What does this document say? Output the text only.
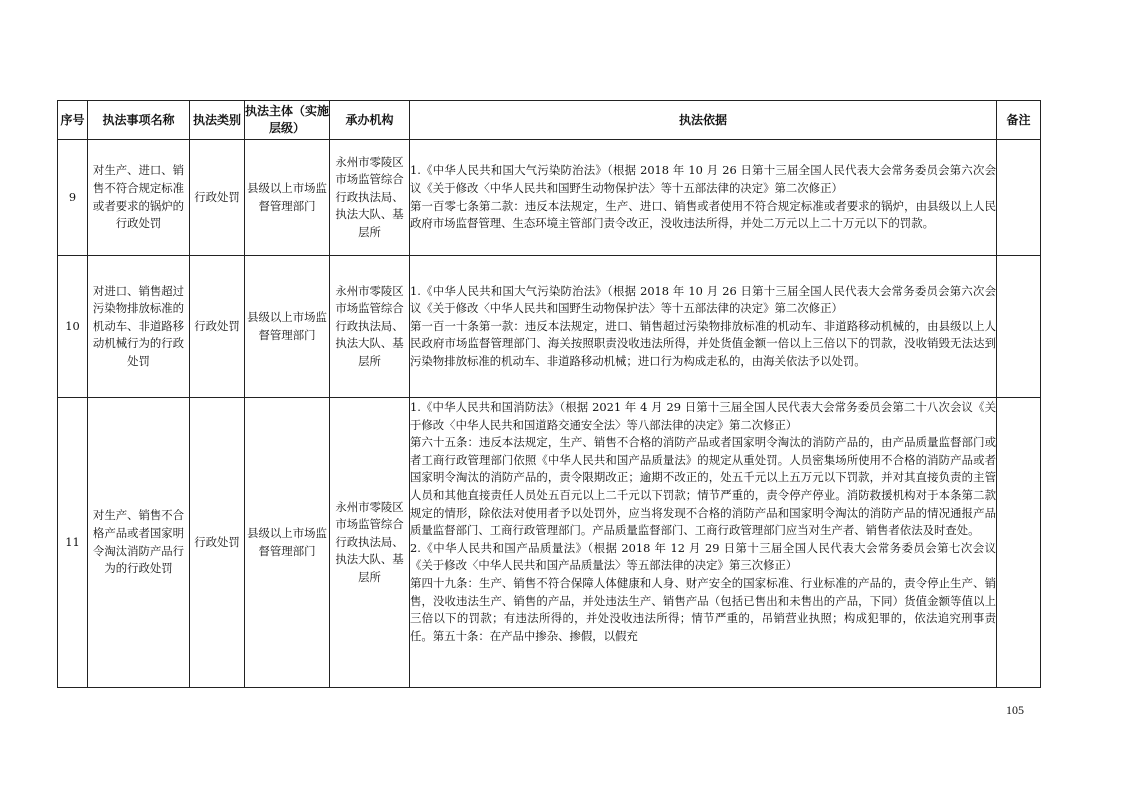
序号	执法事项名称	执法类别	执法主体（实施层级）	承办机构	执法依据	备注
9	对生产、进口、销售不符合规定标准或者要求的锅炉的行政处罚	行政处罚	县级以上市场监督管理部门	永州市零陵区市场监管综合行政执法局、执法大队、基层所	1.《中华人民共和国大气污染防治法》（根据 2018 年 10 月 26 日第十三届全国人民代表大会常务委员会第六次会议《关于修改〈中华人民共和国野生动物保护法〉等十五部法律的决定》第二次修正）

第一百零七条第二款：违反本法规定，生产、进口、销售或者使用不符合规定标准或者要求的锅炉，由县级以上人民政府市场监督管理、生态环境主管部门责令改正，没收违法所得，并处二万元以上二十万元以下的罚款。	

10	对进口、销售超过污染物排放标准的机动车、非道路移动机械行为的行政处罚	行政处罚	县级以上市场监督管理部门	永州市零陵区市场监管综合行政执法局、执法大队、基层所	1.《中华人民共和国大气污染防治法》（根据 2018 年 10 月 26 日第十三届全国人民代表大会常务委员会第六次会议《关于修改〈中华人民共和国野生动物保护法〉等十五部法律的决定》第二次修正）

第一百一十条第一款：违反本法规定，进口、销售超过污染物排放标准的机动车、非道路移动机械的，由县级以上人民政府市场监督管理部门、海关按照职责没收违法所得，并处货值金额一倍以上三倍以下的罚款，没收销毁无法达到污染物排放标准的机动车、非道路移动机械；进口行为构成走私的，由海关依法予以处罚。	

11	对生产、销售不合格产品或者国家明令淘汰消防产品行为的行政处罚	行政处罚	县级以上市场监督管理部门	永州市零陵区市场监管综合行政执法局、执法大队、基层所	1.《中华人民共和国消防法》（根据 2021 年 4 月 29 日第十三届全国人民代表大会常务委员会第二十八次会议《关于修改〈中华人民共和国道路交通安全法〉等八部法律的决定》第二次修正）

第六十五条：违反本法规定，生产、销售不合格的消防产品或者国家明令淘汰的消防产品的，由产品质量监督部门或者工商行政管理部门依照《中华人民共和国产品质量法》的规定从重处罚。人员密集场所使用不合格的消防产品或者国家明令淘汰的消防产品的，责令限期改正；逾期不改正的，处五千元以上五万元以下罚款，并对其直接负责的主管人员和其他直接责任人员处五百元以上二千元以下罚款；情节严重的，责令停产停业。消防救援机构对于本条第二款规定的情形，除依法对使用者予以处罚外，应当将发现不合格的消防产品和国家明令淘汰的消防产品的情况通报产品质量监督部门、工商行政管理部门。产品质量监督部门、工商行政管理部门应当对生产者、销售者依法及时查处。

2.《中华人民共和国产品质量法》（根据 2018 年 12 月 29 日第十三届全国人民代表大会常务委员会第七次会议《关于修改〈中华人民共和国产品质量法〉等五部法律的决定》第三次修正）

第四十九条：生产、销售不符合保障人体健康和人身、财产安全的国家标准、行业标准的产品的，责令停止生产、销售，没收违法生产、销售的产品，并处违法生产、销售产品（包括已售出和未售出的产品，下同）货值金额等值以上三倍以下的罚款；有违法所得的，并处没收违法所得；情节严重的，吊销营业执照；构成犯罪的，依法追究刑事责任。第五十条：在产品中掺杂、掺假，以假充	

105
